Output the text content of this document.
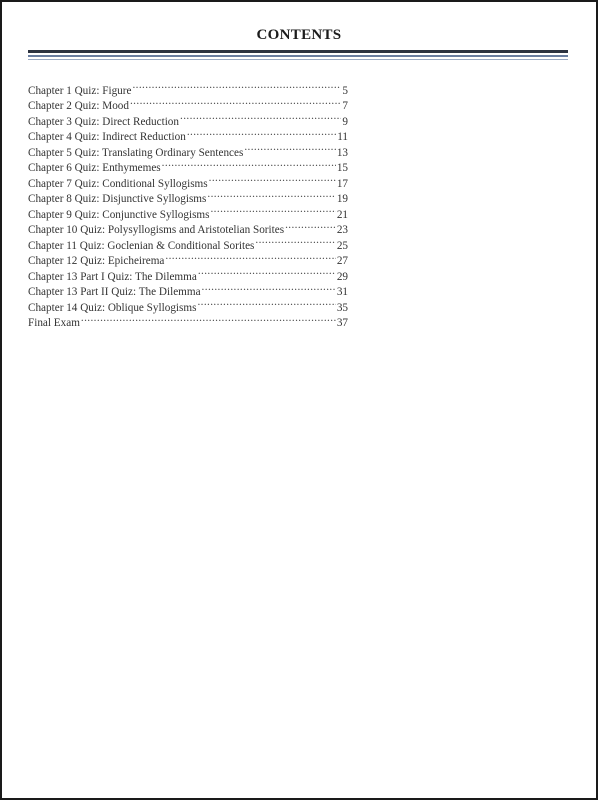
CONTENTS
Chapter 1 Quiz: Figure .....	5
Chapter 2 Quiz: Mood .....	7
Chapter 3 Quiz: Direct Reduction .....	9
Chapter 4 Quiz: Indirect Reduction .....	11
Chapter 5 Quiz: Translating Ordinary Sentences .....	13
Chapter 6 Quiz: Enthymemes .....	15
Chapter 7 Quiz: Conditional Syllogisms .....	17
Chapter 8 Quiz: Disjunctive Syllogisms .....	19
Chapter 9 Quiz: Conjunctive Syllogisms .....	21
Chapter 10 Quiz: Polysyllogisms and Aristotelian Sorites .....	23
Chapter 11 Quiz: Goclenian & Conditional Sorites .....	25
Chapter 12 Quiz: Epicheirema .....	27
Chapter 13 Part I Quiz: The Dilemma .....	29
Chapter 13 Part II Quiz: The Dilemma .....	31
Chapter 14 Quiz: Oblique Syllogisms .....	35
Final Exam .....	37
